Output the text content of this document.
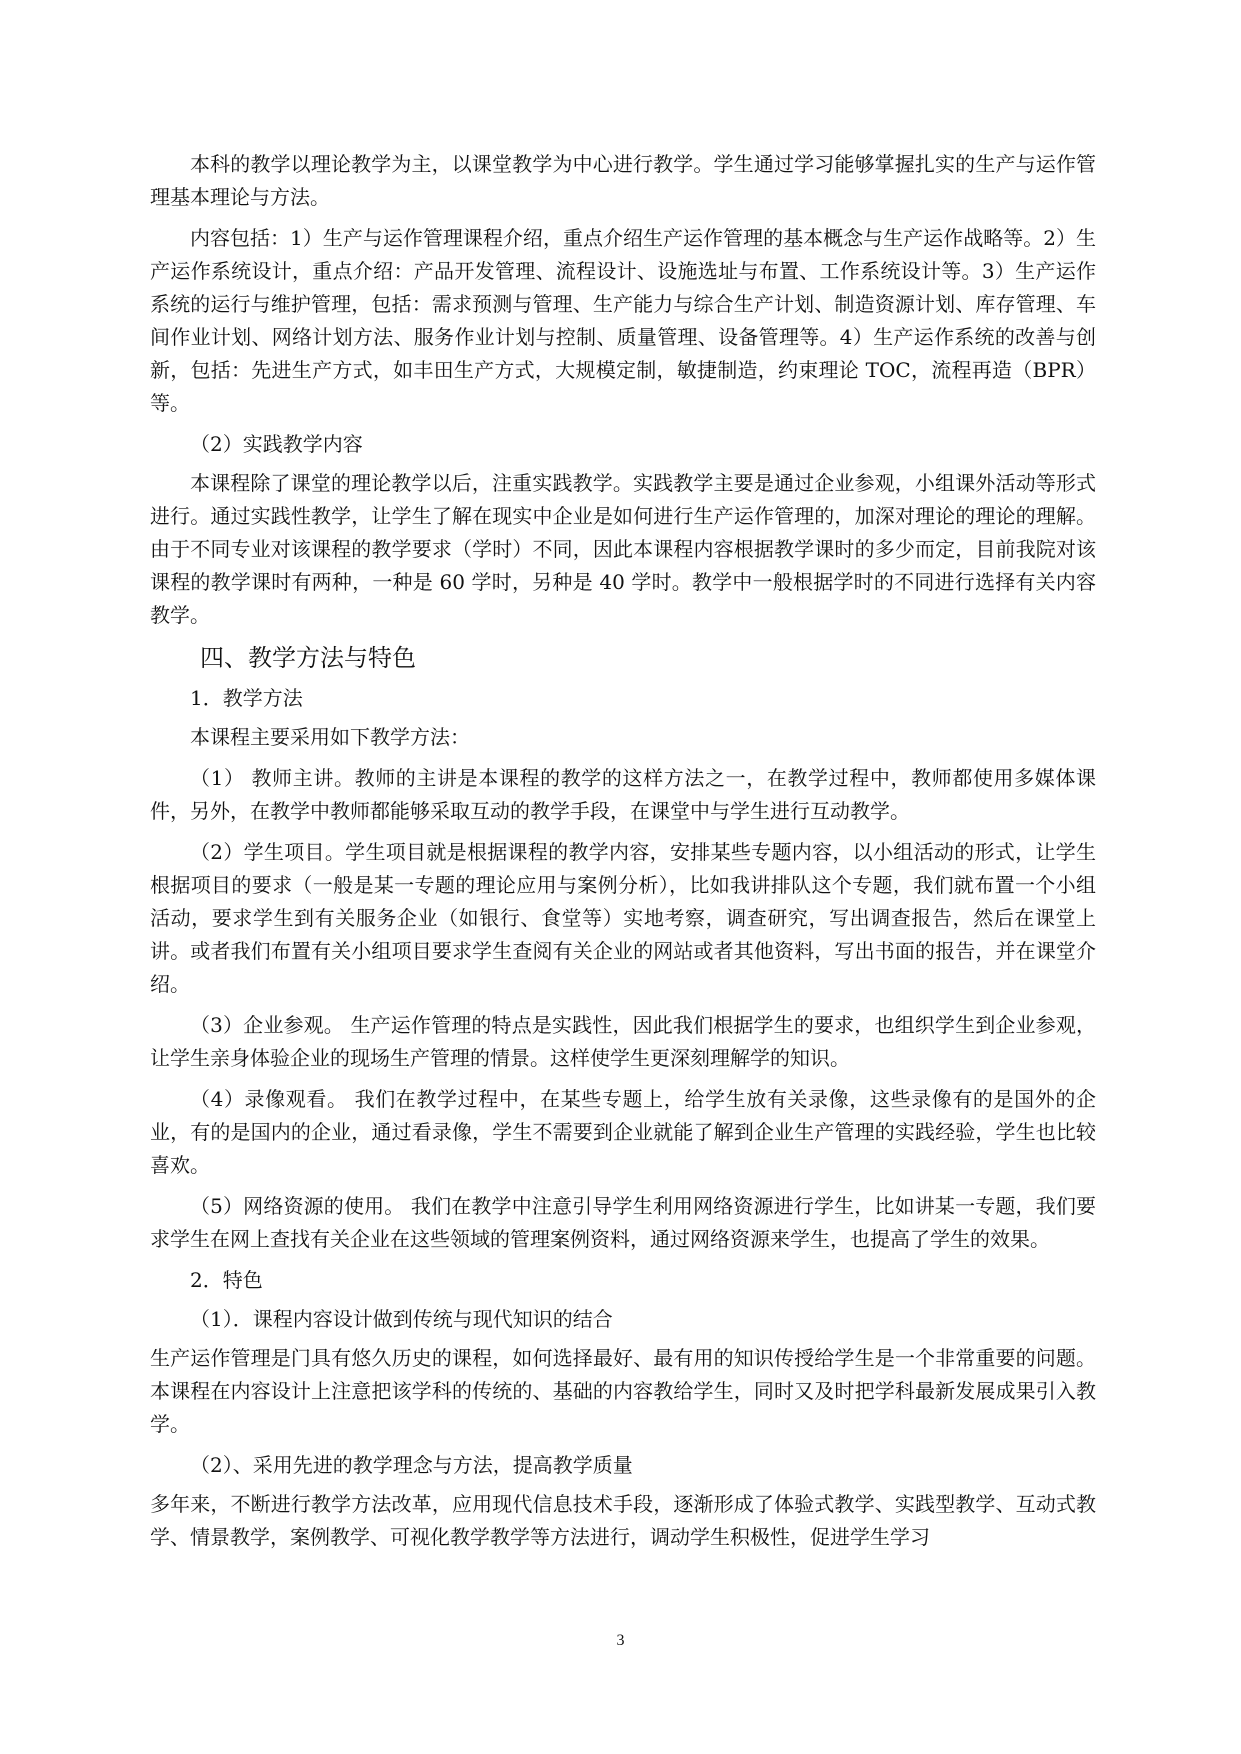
本科的教学以理论教学为主，以课堂教学为中心进行教学。学生通过学习能够掌握扎实的生产与运作管理基本理论与方法。

内容包括：1）生产与运作管理课程介绍，重点介绍生产运作管理的基本概念与生产运作战略等。2）生产运作系统设计，重点介绍：产品开发管理、流程设计、设施选址与布置、工作系统设计等。3）生产运作系统的运行与维护管理，包括：需求预测与管理、生产能力与综合生产计划、制造资源计划、库存管理、车间作业计划、网络计划方法、服务作业计划与控制、质量管理、设备管理等。4）生产运作系统的改善与创新，包括：先进生产方式，如丰田生产方式，大规模定制，敏捷制造，约束理论 TOC，流程再造（BPR）等。

（2）实践教学内容

本课程除了课堂的理论教学以后，注重实践教学。实践教学主要是通过企业参观，小组课外活动等形式进行。通过实践性教学，让学生了解在现实中企业是如何进行生产运作管理的，加深对理论的理论的理解。由于不同专业对该课程的教学要求（学时）不同，因此本课程内容根据教学课时的多少而定，目前我院对该课程的教学课时有两种，一种是 60 学时，另种是 40 学时。教学中一般根据学时的不同进行选择有关内容教学。

四、教学方法与特色

1．教学方法

本课程主要采用如下教学方法：

（1） 教师主讲。教师的主讲是本课程的教学的这样方法之一，在教学过程中，教师都使用多媒体课件，另外，在教学中教师都能够采取互动的教学手段，在课堂中与学生进行互动教学。

（2）学生项目。学生项目就是根据课程的教学内容，安排某些专题内容，以小组活动的形式，让学生根据项目的要求（一般是某一专题的理论应用与案例分析），比如我讲排队这个专题，我们就布置一个小组活动，要求学生到有关服务企业（如银行、食堂等）实地考察，调查研究，写出调查报告，然后在课堂上讲。或者我们布置有关小组项目要求学生查阅有关企业的网站或者其他资料，写出书面的报告，并在课堂介绍。

（3）企业参观。 生产运作管理的特点是实践性，因此我们根据学生的要求，也组织学生到企业参观，让学生亲身体验企业的现场生产管理的情景。这样使学生更深刻理解学的知识。

（4）录像观看。 我们在教学过程中，在某些专题上，给学生放有关录像，这些录像有的是国外的企业，有的是国内的企业，通过看录像，学生不需要到企业就能了解到企业生产管理的实践经验，学生也比较喜欢。

（5）网络资源的使用。 我们在教学中注意引导学生利用网络资源进行学生，比如讲某一专题，我们要求学生在网上查找有关企业在这些领域的管理案例资料，通过网络资源来学生，也提高了学生的效果。

2．特色

（1）．课程内容设计做到传统与现代知识的结合

生产运作管理是门具有悠久历史的课程，如何选择最好、最有用的知识传授给学生是一个非常重要的问题。本课程在内容设计上注意把该学科的传统的、基础的内容教给学生，同时又及时把学科最新发展成果引入教学。

（2）、采用先进的教学理念与方法，提高教学质量

多年来，不断进行教学方法改革，应用现代信息技术手段，逐渐形成了体验式教学、实践型教学、互动式教学、情景教学，案例教学、可视化教学教学等方法进行，调动学生积极性，促进学生学习

3
